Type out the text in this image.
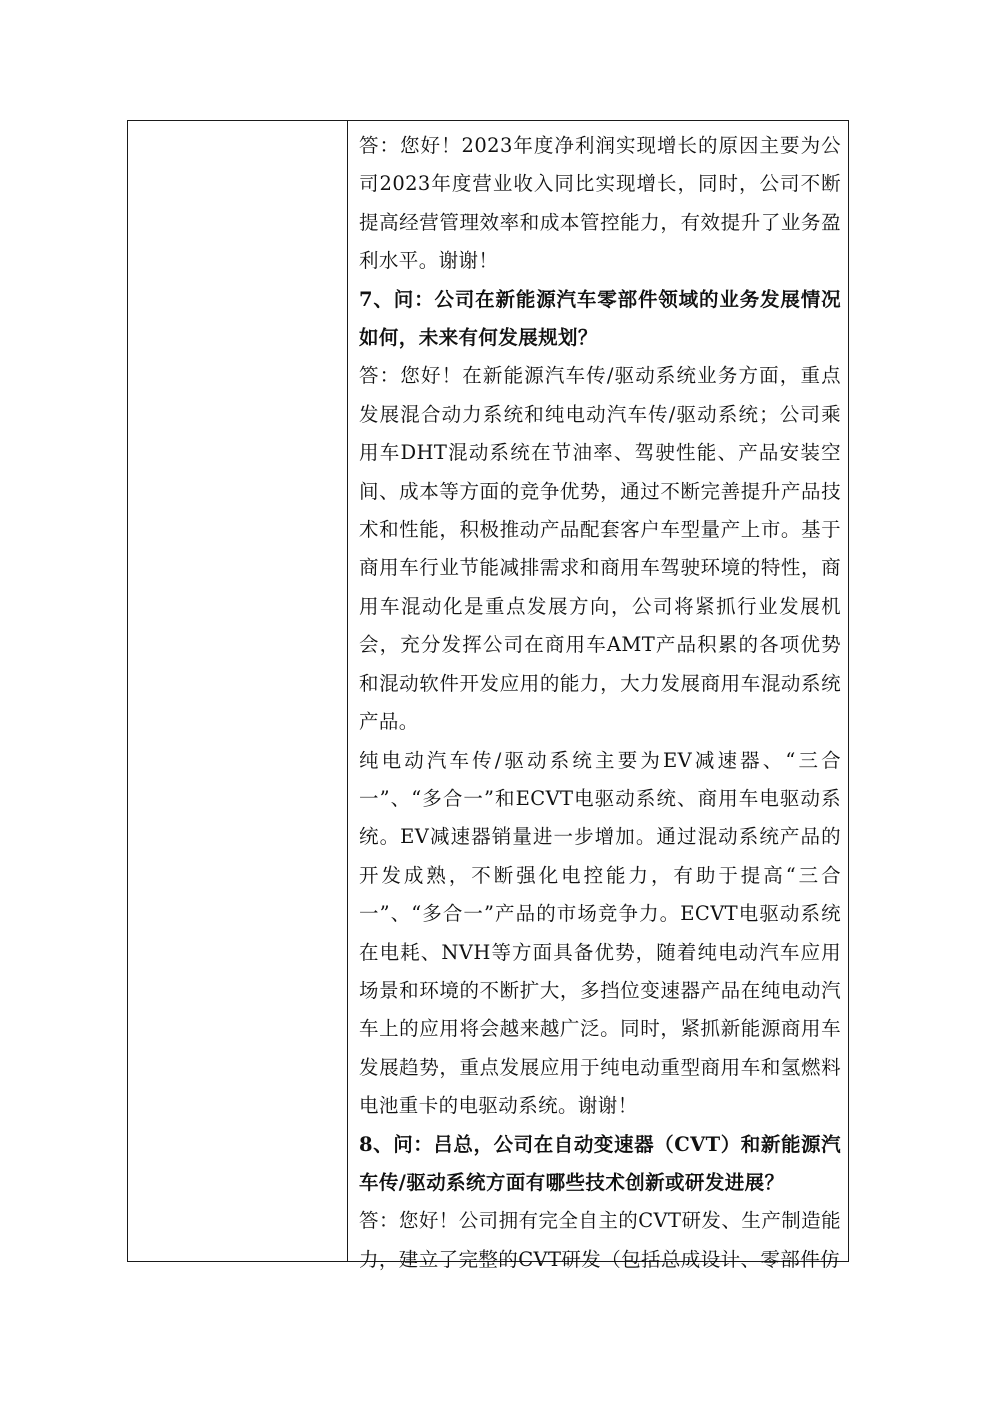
答：您好！2023年度净利润实现增长的原因主要为公司2023年度营业收入同比实现增长，同时，公司不断提高经营管理效率和成本管控能力，有效提升了业务盈利水平。谢谢！

7、问：公司在新能源汽车零部件领域的业务发展情况如何，未来有何发展规划？

答：您好！在新能源汽车传/驱动系统业务方面，重点发展混合动力系统和纯电动汽车传/驱动系统；公司乘用车DHT混动系统在节油率、驾驶性能、产品安装空间、成本等方面的竞争优势，通过不断完善提升产品技术和性能，积极推动产品配套客户车型量产上市。基于商用车行业节能减排需求和商用车驾驶环境的特性，商用车混动化是重点发展方向，公司将紧抓行业发展机会，充分发挥公司在商用车AMT产品积累的各项优势和混动软件开发应用的能力，大力发展商用车混动系统产品。

纯电动汽车传/驱动系统主要为EV减速器、“三合一”、“多合一”和ECVT电驱动系统、商用车电驱动系统。EV减速器销量进一步增加。通过混动系统产品的开发成熟，不断强化电控能力，有助于提高“三合一”、“多合一”产品的市场竞争力。ECVT电驱动系统在电耗、NVH等方面具备优势，随着纯电动汽车应用场景和环境的不断扩大，多挡位变速器产品在纯电动汽车上的应用将会越来越广泛。同时，紧抓新能源商用车发展趋势，重点发展应用于纯电动重型商用车和氢燃料电池重卡的电驱动系统。谢谢！

8、问：吕总，公司在自动变速器（CVT）和新能源汽车传/驱动系统方面有哪些技术创新或研发进展？

答：您好！公司拥有完全自主的CVT研发、生产制造能力，建立了完整的CVT研发（包括总成设计、零部件仿
